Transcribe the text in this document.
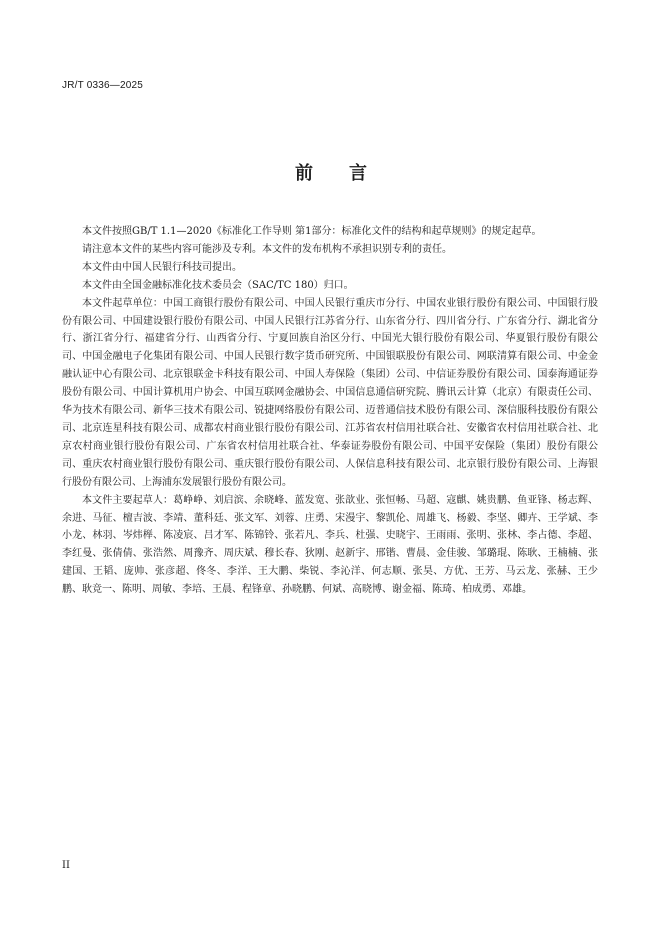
JR/T 0336—2025
前 言

本文件按照GB/T 1.1—2020《标准化工作导则 第1部分：标准化文件的结构和起草规则》的规定起草。

请注意本文件的某些内容可能涉及专利。本文件的发布机构不承担识别专利的责任。

本文件由中国人民银行科技司提出。

本文件由全国金融标准化技术委员会（SAC/TC 180）归口。

本文件起草单位：中国工商银行股份有限公司、中国人民银行重庆市分行、中国农业银行股份有限公司、中国银行股份有限公司、中国建设银行股份有限公司、中国人民银行江苏省分行、山东省分行、四川省分行、广东省分行、湖北省分行、浙江省分行、福建省分行、山西省分行、宁夏回族自治区分行、中国光大银行股份有限公司、华夏银行股份有限公司、中国金融电子化集团有限公司、中国人民银行数字货币研究所、中国银联股份有限公司、网联清算有限公司、中金金融认证中心有限公司、北京银联金卡科技有限公司、中国人寿保险（集团）公司、中信证券股份有限公司、国泰海通证券股份有限公司、中国计算机用户协会、中国互联网金融协会、中国信息通信研究院、腾讯云计算（北京）有限责任公司、华为技术有限公司、新华三技术有限公司、锐捷网络股份有限公司、迈普通信技术股份有限公司、深信服科技股份有限公司、北京连星科技有限公司、成都农村商业银行股份有限公司、江苏省农村信用社联合社、安徽省农村信用社联合社、北京农村商业银行股份有限公司、广东省农村信用社联合社、华泰证券股份有限公司、中国平安保险（集团）股份有限公司、重庆农村商业银行股份有限公司、重庆银行股份有限公司、人保信息科技有限公司、北京银行股份有限公司、上海银行股份有限公司、上海浦东发展银行股份有限公司。

本文件主要起草人：葛峥峥、刘启滨、余晓峰、蓝发宽、张歆业、张恒畅、马超、寇麒、姚贵鹏、鱼亚锋、杨志辉、余进、马征、檀吉波、李靖、董科廷、张文军、刘蓉、庄勇、宋漫宇、黎凯伦、周雄飞、杨毅、李坚、卿卉、王学斌、李小龙、林羽、岑炜榉、陈凌宸、吕才军、陈锦铃、张若凡、李兵、杜强、史晓宇、王雨雨、张明、张林、李占德、李超、李红曼、张倩倩、张浩然、周豫齐、周庆斌、穆长春、狄刚、赵新宇、邢锴、曹晨、金佳骏、邹璐琨、陈耿、王楠楠、张建国、王韬、庞帅、张彦超、佟冬、李洋、王大鹏、柴锐、李沁洋、何志顺、张昊、方优、王芳、马云龙、张赫、王少鹏、耿竞一、陈明、周敏、李培、王晨、程锋章、孙晓鹏、何斌、高晓博、谢金福、陈琦、柏成勇、邓雄。

II
